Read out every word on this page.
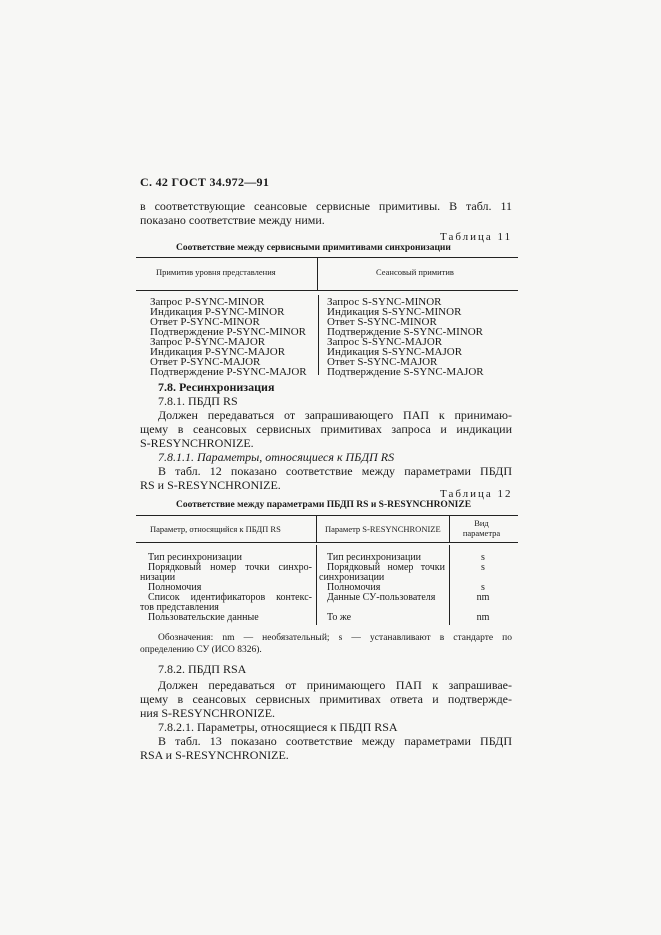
С. 42 ГОСТ 34.972—91
в соответствующие сеансовые сервисные примитивы. В табл. 11
показано соответствие между ними.
Таблица 11
Соответствие между сервисными примитивами синхронизации
Примитив уровня представления	Сеансовый примитив
Запрос P-SYNC-MINOR
Индикация P-SYNC-MINOR
Ответ P-SYNC-MINOR
Подтверждение P-SYNC-MINOR
Запрос P-SYNC-MAJOR
Индикация P-SYNC-MAJOR
Ответ P-SYNC-MAJOR
Подтверждение P-SYNC-MAJOR
Запрос S-SYNC-MINOR
Индикация S-SYNC-MINOR
Ответ S-SYNC-MINOR
Подтверждение S-SYNC-MINOR
Запрос S-SYNC-MAJOR
Индикация S-SYNC-MAJOR
Ответ S-SYNC-MAJOR
Подтверждение S-SYNC-MAJOR
7.8. Ресинхронизация
7.8.1. ПБДП RS
Должен передаваться от запрашивающего ПАП к принимаю-
щему в сеансовых сервисных примитивах запроса и индикации
S-RESYNCHRONIZE.
7.8.1.1. Параметры, относящиеся к ПБДП RS
В табл. 12 показано соответствие между параметрами ПБДП
RS и S-RESYNCHRONIZE.
Таблица 12
Соответствие между параметрами ПБДП RS и S-RESYNCHRONIZE
Параметр, относящийся к ПБДП RS	Параметр S-RESYNCHRONIZE
Вид
параметра
Тип ресинхронизации
Порядковый номер точки синхро-
низации
Полномочия
Список идентификаторов контекс-
тов представления
Пользовательские данные
Тип ресинхронизации
Порядковый номер точки
синхронизации
Полномочия
Данные СУ-пользователя
То же
s
s
s
nm
nm
Обозначения: nm — необязательный; s — устанавливают в стандарте по
определению СУ (ИСО 8326).
7.8.2. ПБДП RSA
Должен передаваться от принимающего ПАП к запрашивае-
щему в сеансовых сервисных примитивах ответа и подтвержде-
ния S-RESYNCHRONIZE.
7.8.2.1. Параметры, относящиеся к ПБДП RSA
В табл. 13 показано соответствие между параметрами ПБДП
RSA и S-RESYNCHRONIZE.
